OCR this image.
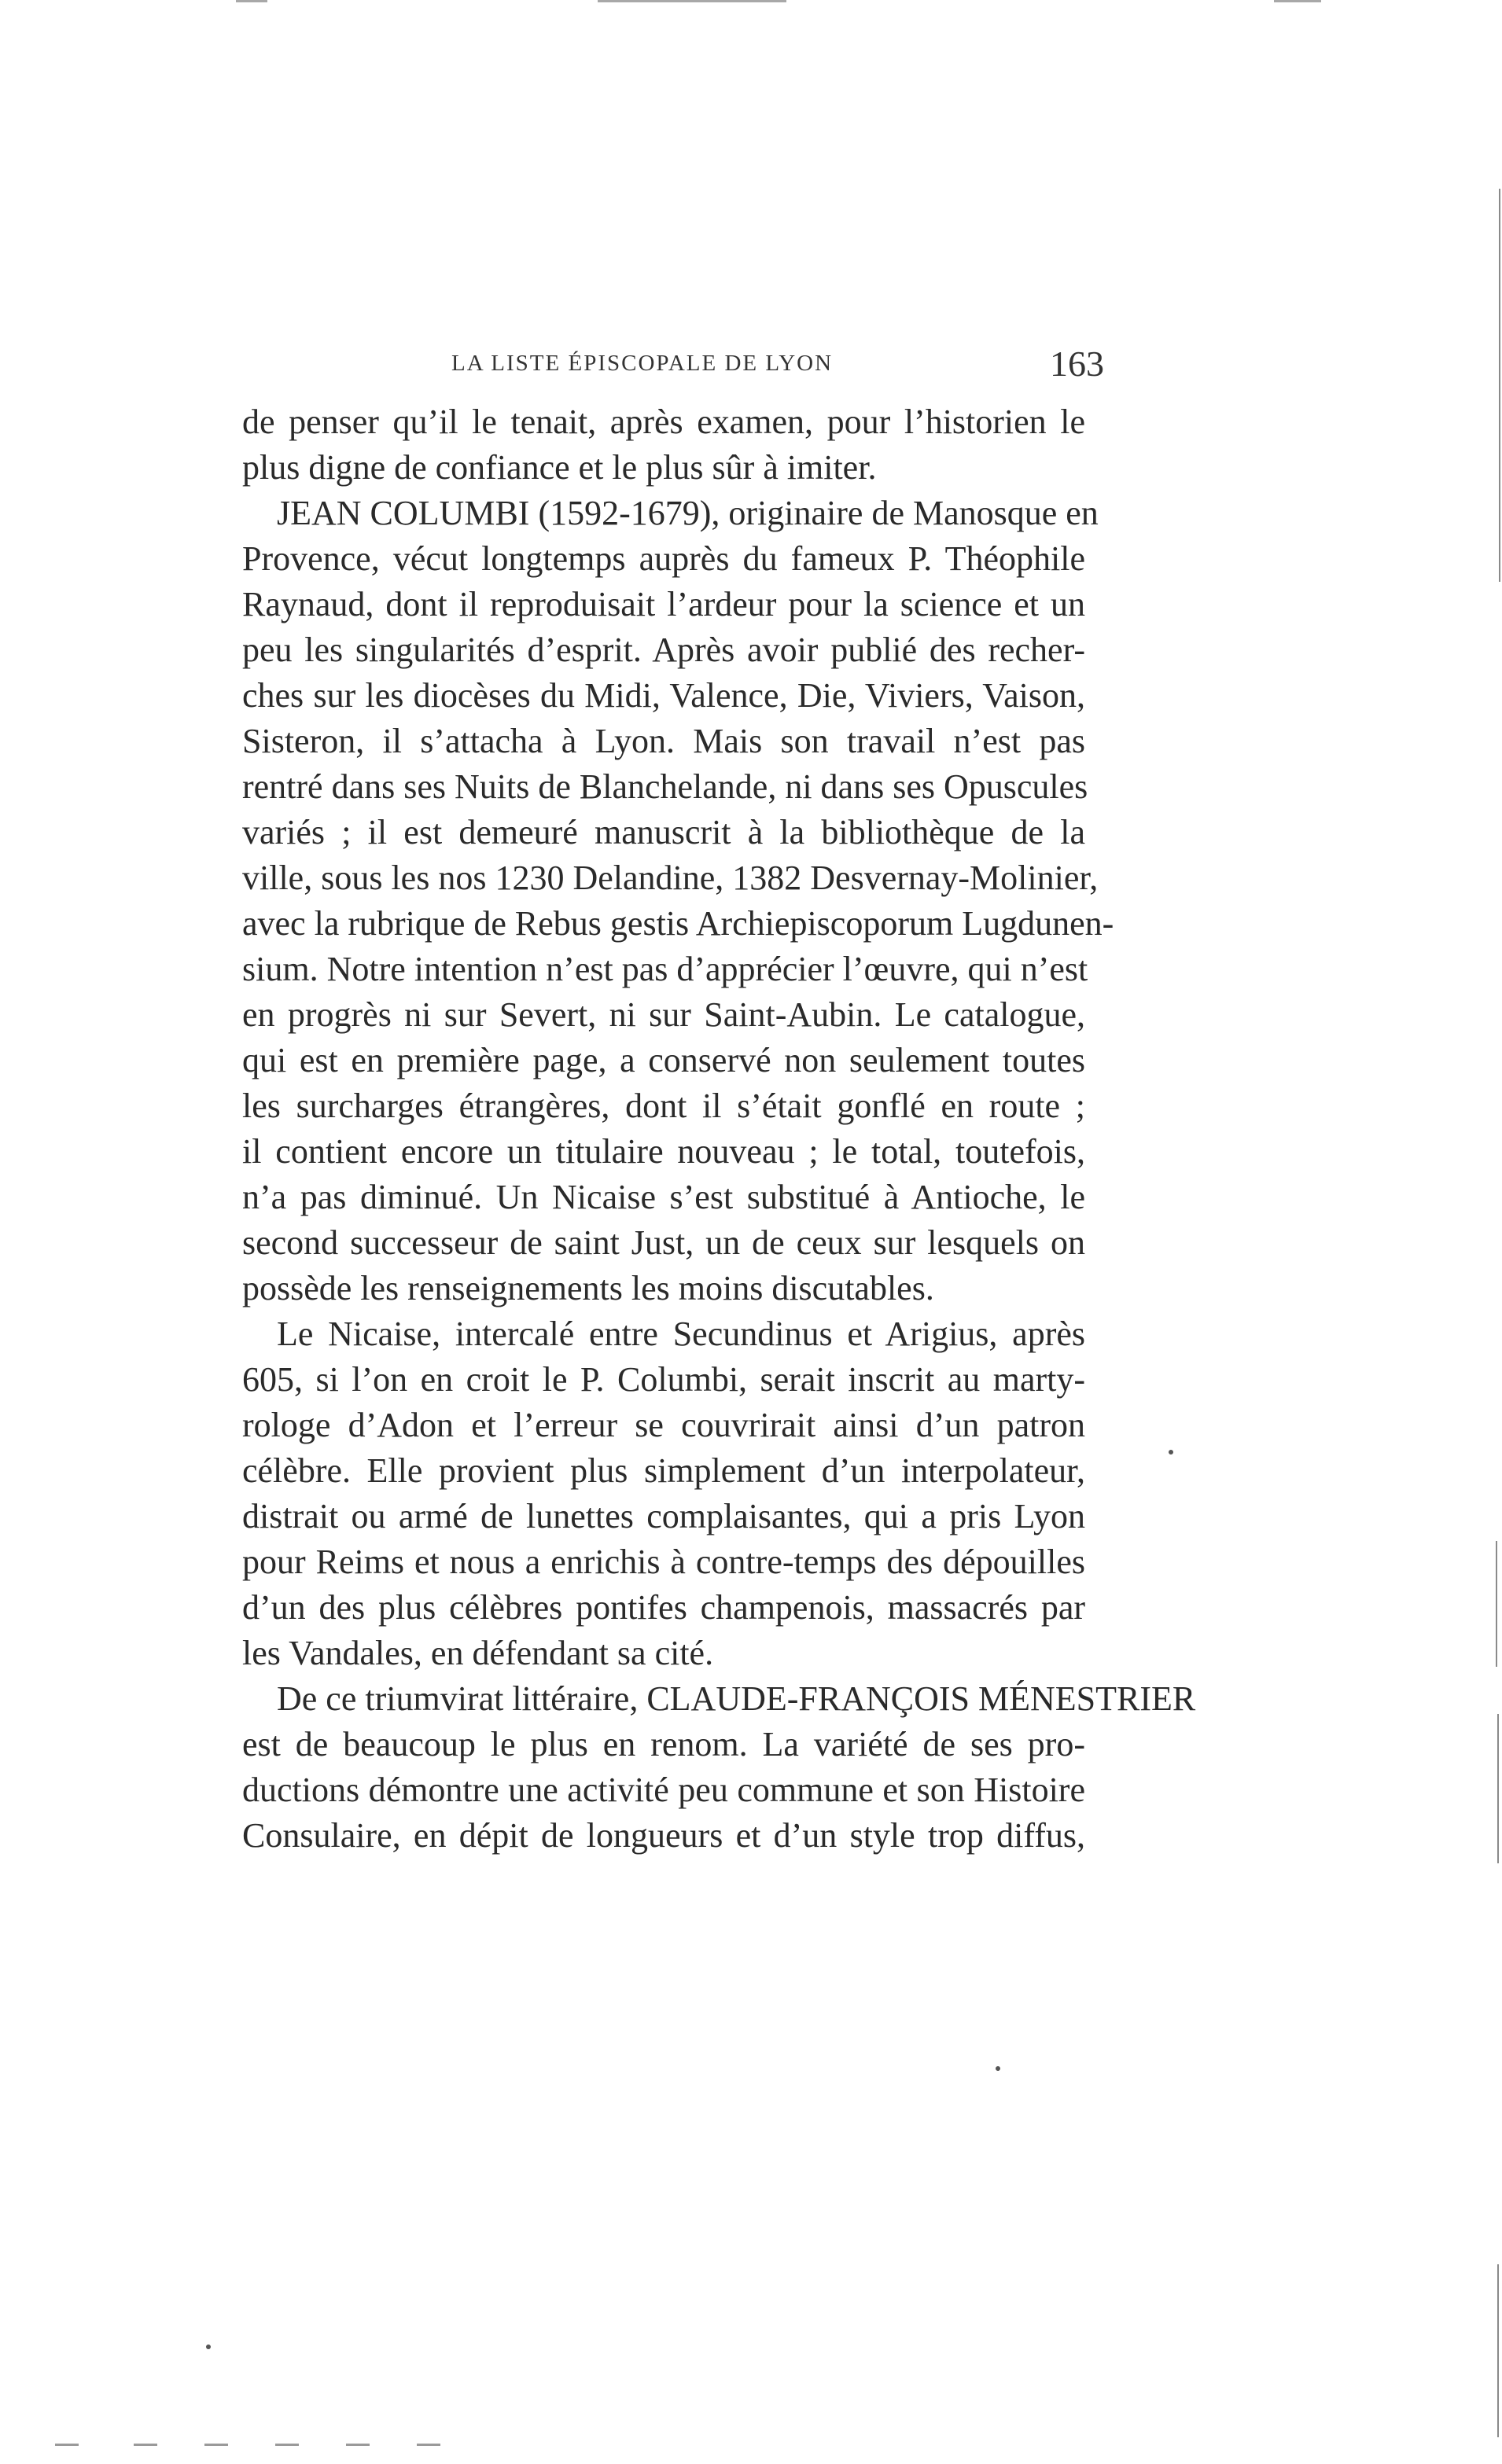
LA LISTE ÉPISCOPALE DE LYON	163
de penser qu’il le tenait, après examen, pour l’historien le
plus digne de confiance et le plus sûr à imiter.
JEAN COLUMBI (1592-1679), originaire de Manosque en
Provence, vécut longtemps auprès du fameux P. Théophile
Raynaud, dont il reproduisait l’ardeur pour la science et un
peu les singularités d’esprit. Après avoir publié des recher-
ches sur les diocèses du Midi, Valence, Die, Viviers, Vaison,
Sisteron, il s’attacha à Lyon. Mais son travail n’est pas
rentré dans ses Nuits de Blanchelande, ni dans ses Opuscules
variés ; il est demeuré manuscrit à la bibliothèque de la
ville, sous les nos 1230 Delandine, 1382 Desvernay-Molinier,
avec la rubrique de Rebus gestis Archiepiscoporum Lugdunen-
sium. Notre intention n’est pas d’apprécier l’œuvre, qui n’est
en progrès ni sur Severt, ni sur Saint-Aubin. Le catalogue,
qui est en première page, a conservé non seulement toutes
les surcharges étrangères, dont il s’était gonflé en route ;
il contient encore un titulaire nouveau ; le total, toutefois,
n’a pas diminué. Un Nicaise s’est substitué à Antioche, le
second successeur de saint Just, un de ceux sur lesquels on
possède les renseignements les moins discutables.
Le Nicaise, intercalé entre Secundinus et Arigius, après
605, si l’on en croit le P. Columbi, serait inscrit au marty-
rologe d’Adon et l’erreur se couvrirait ainsi d’un patron
célèbre. Elle provient plus simplement d’un interpolateur,
distrait ou armé de lunettes complaisantes, qui a pris Lyon
pour Reims et nous a enrichis à contre-temps des dépouilles
d’un des plus célèbres pontifes champenois, massacrés par
les Vandales, en défendant sa cité.
De ce triumvirat littéraire, CLAUDE-FRANÇOIS MÉNESTRIER
est de beaucoup le plus en renom. La variété de ses pro-
ductions démontre une activité peu commune et son Histoire
Consulaire, en dépit de longueurs et d’un style trop diffus,
